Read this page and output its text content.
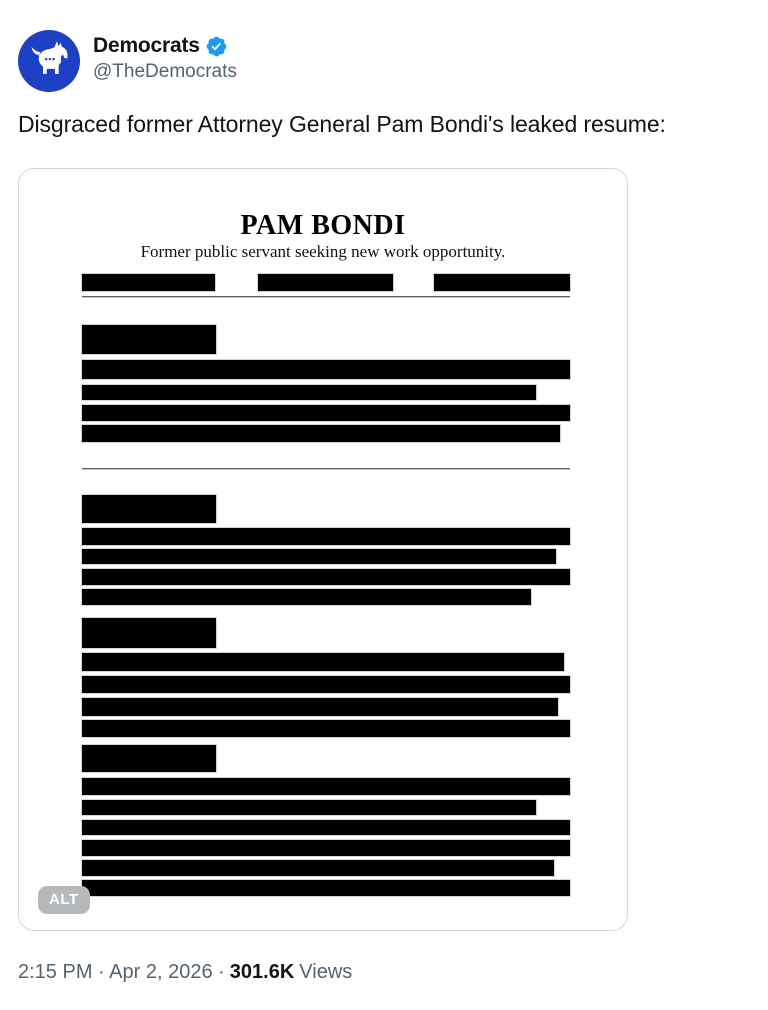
Democrats
@TheDemocrats
Disgraced former Attorney General Pam Bondi's leaked resume:
PAM BONDI
Former public servant seeking new work opportunity.
ALT
2:15 PM · Apr 2, 2026 · 301.6K Views
